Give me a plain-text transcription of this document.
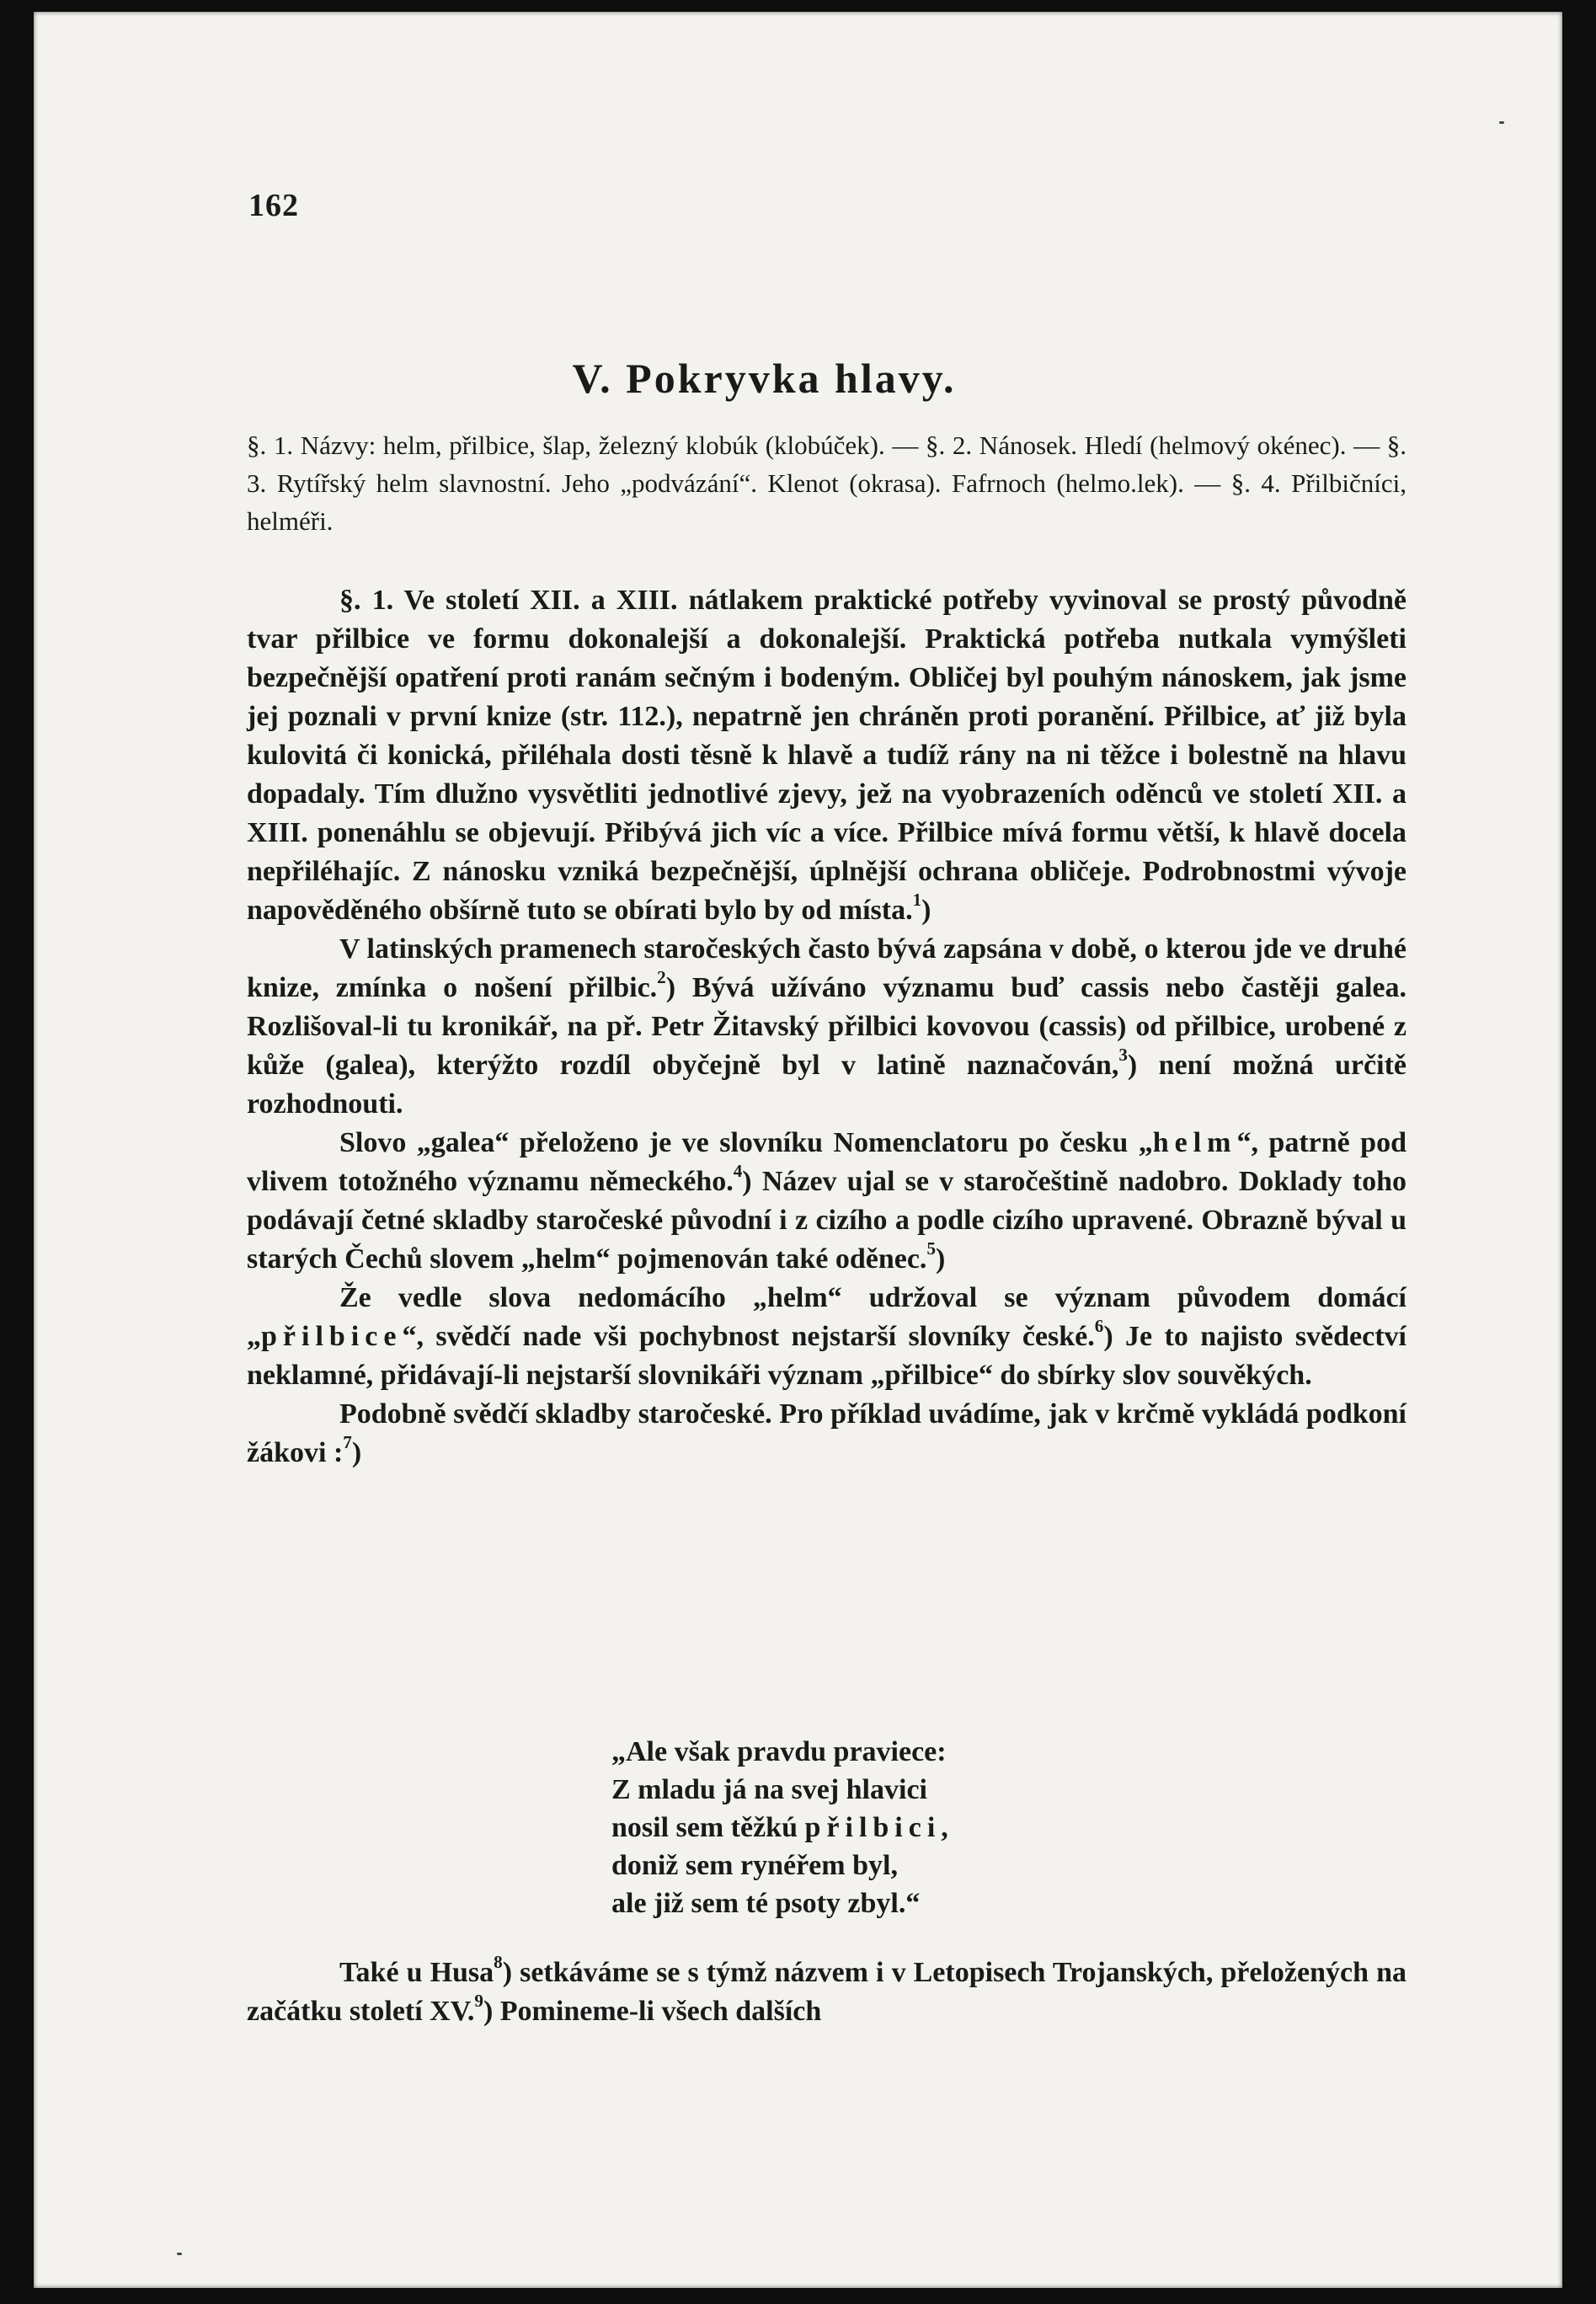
162
V. Pokryvka hlavy.

§. 1. Názvy: helm, přilbice, šlap, železný klobúk (klobúček). — §. 2. Nánosek. Hledí (helmový okénec). — §. 3. Rytířský helm slavnostní. Jeho „podvázání“. Klenot (okrasa). Fafrnoch (helmo.lek). — §. 4. Přilbičníci, helméři.

§. 1. Ve století XII. a XIII. nátlakem praktické potřeby vyvinoval se prostý původně tvar přilbice ve formu dokonalejší a dokonalejší. Praktická potřeba nutkala vymýšleti bezpečnější opatření proti ranám sečným i bodeným. Obličej byl pouhým nánoskem, jak jsme jej poznali v první knize (str. 112.), nepatrně jen chráněn proti poranění. Přilbice, ať již byla kulovitá či konická, přiléhala dosti těsně k hlavě a tudíž rány na ni těžce i bolestně na hlavu dopadaly. Tím dlužno vysvětliti jednotlivé zjevy, jež na vyobrazeních oděnců ve století XII. a XIII. ponenáhlu se objevují. Přibývá jich víc a více. Přilbice mívá formu větší, k hlavě docela nepřiléhajíc. Z nánosku vzniká bezpečnější, úplnější ochrana obličeje. Podrobnostmi vývoje napověděného obšírně tuto se obírati bylo by od místa.$^1$)

V latinských pramenech staročeských často bývá zapsána v době, o kterou jde ve druhé knize, zmínka o nošení přilbic.$^2$) Bývá užíváno významu buď cassis nebo častěji galea. Rozlišoval-li tu kronikář, na př. Petr Žitavský přilbici kovovou (cassis) od přilbice, urobené z kůže (galea), kterýžto rozdíl obyčejně byl v latině naznačován,$^3$) není možná určitě rozhodnouti.

Slovo „galea“ přeloženo je ve slovníku Nomenclatoru po česku „helm“, patrně pod vlivem totožného významu německého.$^4$) Název ujal se v staročeštině nadobro. Doklady toho podávají četné skladby staročeské původní i z cizího a podle cizího upravené. Obrazně býval u starých Čechů slovem „helm“ pojmenován také oděnec.$^5$)

Že vedle slova nedomácího „helm“ udržoval se význam původem domácí „přilbice“, svědčí nade vši pochybnost nejstarší slovníky české.$^6$) Je to najisto svědectví neklamné, přidávají-li nejstarší slovnikáři význam „přilbice“ do sbírky slov souvěkých.

Podobně svědčí skladby staročeské. Pro příklad uvádíme, jak v krčmě vykládá podkoní žákovi :$^7$)

„Ale však pravdu praviece:
Z mladu já na svej hlavici
nosil sem těžkú přilbici,
doniž sem rynéřem byl,
ale již sem té psoty zbyl.“

Také u Husa$^8$) setkáváme se s týmž názvem i v Letopisech Trojanských, přeložených na začátku století XV.$^9$) Pomineme-li všech dalších
